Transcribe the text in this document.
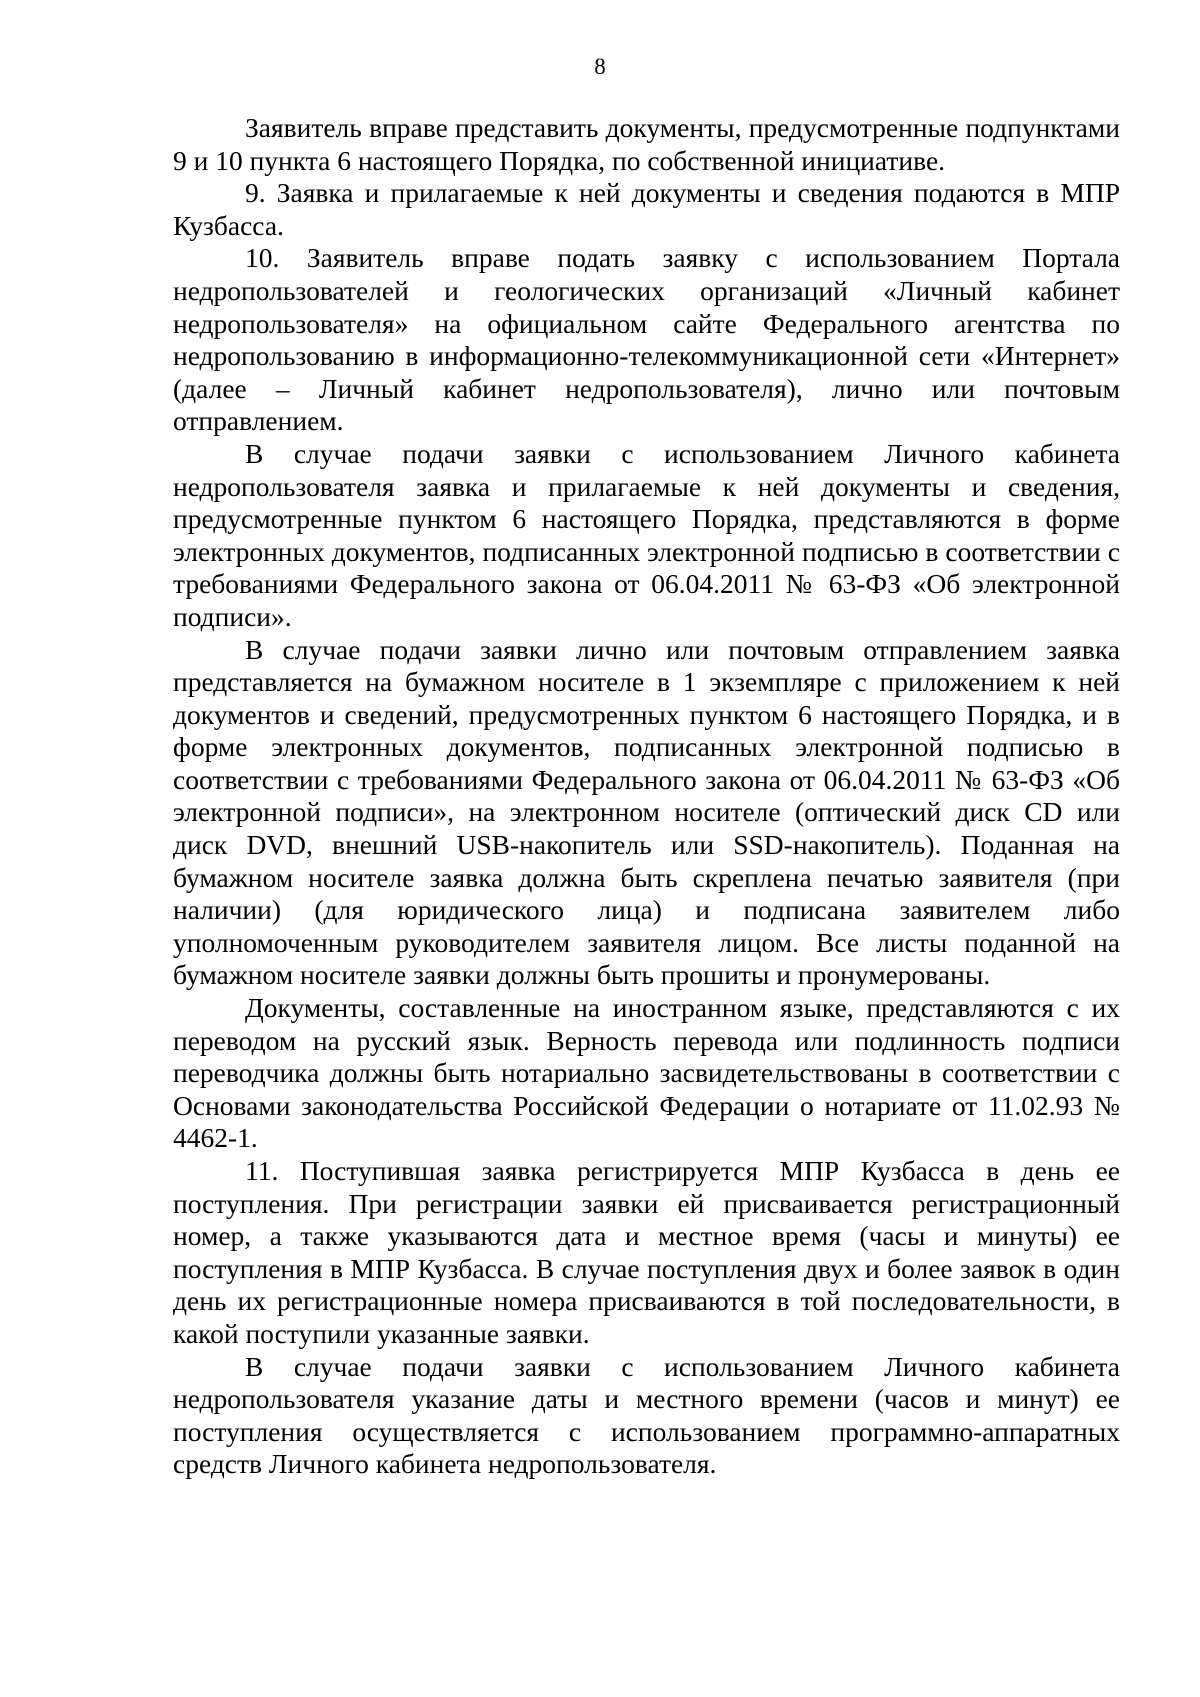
8

Заявитель вправе представить документы, предусмотренные подпунктами 9 и 10 пункта 6 настоящего Порядка, по собственной инициативе.

9. Заявка и прилагаемые к ней документы и сведения подаются в МПР Кузбасса.

10. Заявитель вправе подать заявку с использованием Портала недропользователей и геологических организаций «Личный кабинет недропользователя» на официальном сайте Федерального агентства по недропользованию в информационно-телекоммуникационной сети «Интернет» (далее – Личный кабинет недропользователя), лично или почтовым отправлением.

В случае подачи заявки с использованием Личного кабинета недропользователя заявка и прилагаемые к ней документы и сведения, предусмотренные пунктом 6 настоящего Порядка, представляются в форме электронных документов, подписанных электронной подписью в соответствии с требованиями Федерального закона от 06.04.2011 № 63-ФЗ «Об электронной подписи».

В случае подачи заявки лично или почтовым отправлением заявка представляется на бумажном носителе в 1 экземпляре с приложением к ней документов и сведений, предусмотренных пунктом 6 настоящего Порядка, и в форме электронных документов, подписанных электронной подписью в соответствии с требованиями Федерального закона от 06.04.2011 № 63-ФЗ «Об электронной подписи», на электронном носителе (оптический диск CD или диск DVD, внешний USB-накопитель или SSD-накопитель). Поданная на бумажном носителе заявка должна быть скреплена печатью заявителя (при наличии) (для юридического лица) и подписана заявителем либо уполномоченным руководителем заявителя лицом. Все листы поданной на бумажном носителе заявки должны быть прошиты и пронумерованы.

Документы, составленные на иностранном языке, представляются с их переводом на русский язык. Верность перевода или подлинность подписи переводчика должны быть нотариально засвидетельствованы в соответствии с Основами законодательства Российской Федерации о нотариате от 11.02.93 № 4462-1.

11. Поступившая заявка регистрируется МПР Кузбасса в день ее поступления. При регистрации заявки ей присваивается регистрационный номер, а также указываются дата и местное время (часы и минуты) ее поступления в МПР Кузбасса. В случае поступления двух и более заявок в один день их регистрационные номера присваиваются в той последовательности, в какой поступили указанные заявки.

В случае подачи заявки с использованием Личного кабинета недропользователя указание даты и местного времени (часов и минут) ее поступления осуществляется с использованием программно-аппаратных средств Личного кабинета недропользователя.
